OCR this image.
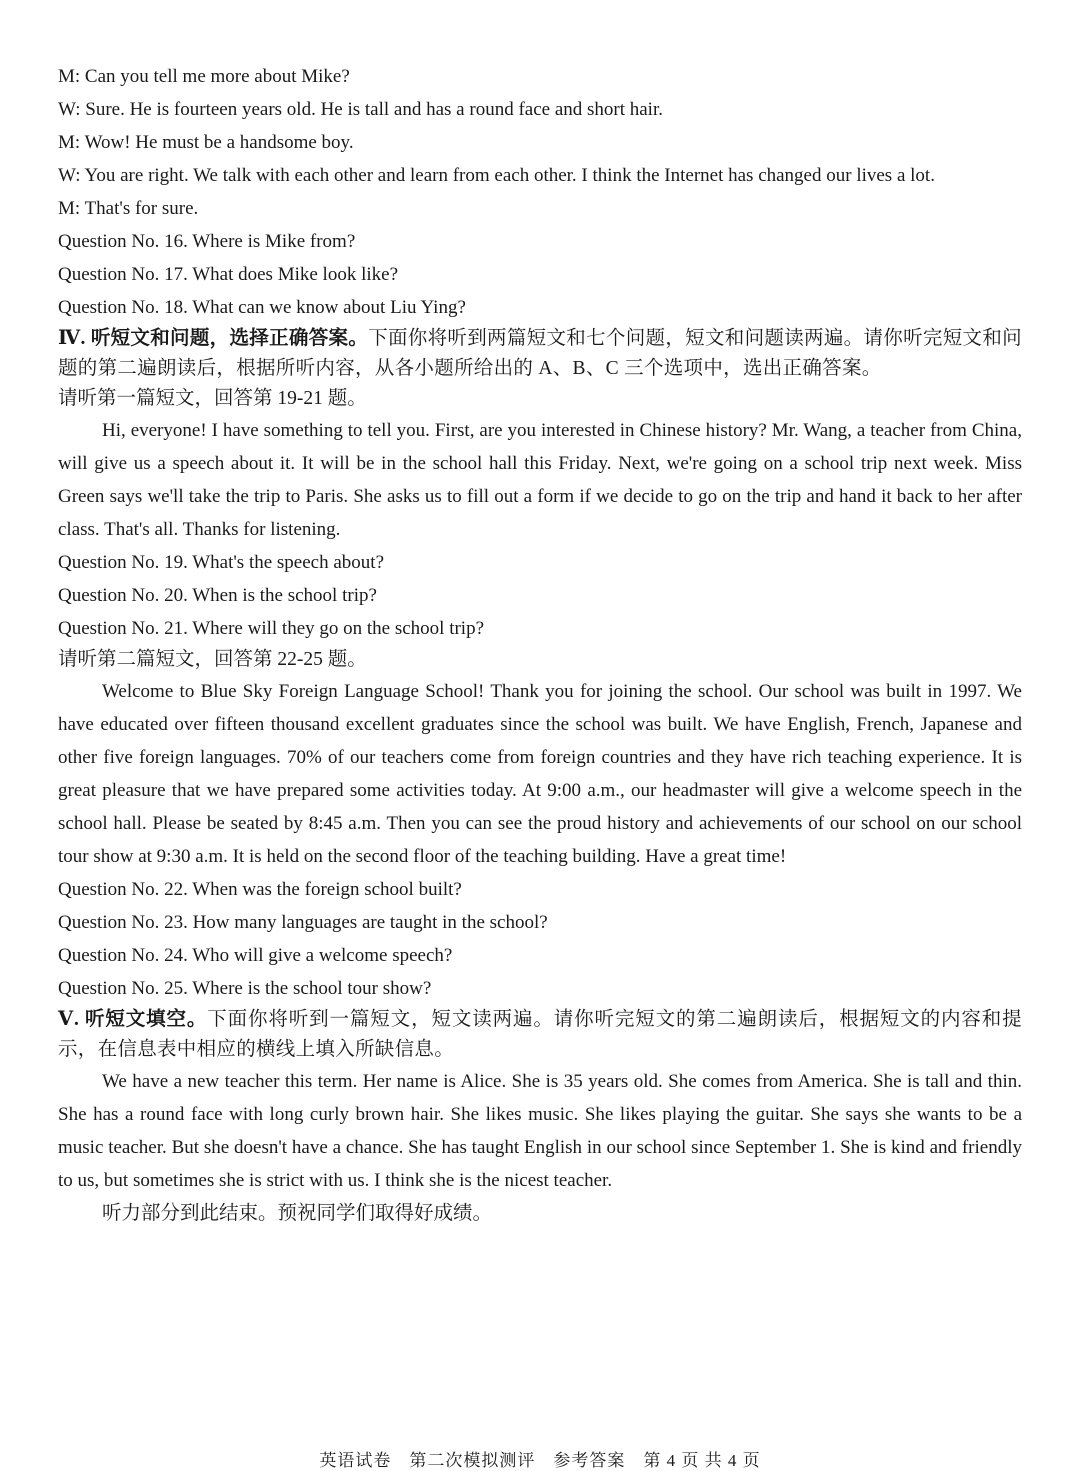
M: Can you tell me more about Mike?

W: Sure. He is fourteen years old. He is tall and has a round face and short hair.

M: Wow! He must be a handsome boy.

W: You are right. We talk with each other and learn from each other. I think the Internet has changed our lives a lot.

M: That's for sure.

Question No. 16. Where is Mike from?

Question No. 17. What does Mike look like?

Question No. 18. What can we know about Liu Ying?

Ⅳ. 听短文和问题，选择正确答案。下面你将听到两篇短文和七个问题，短文和问题读两遍。请你听完短文和问题的第二遍朗读后，根据所听内容，从各小题所给出的 A、B、C 三个选项中，选出正确答案。

请听第一篇短文，回答第 19-21 题。

Hi, everyone! I have something to tell you. First, are you interested in Chinese history? Mr. Wang, a teacher from China, will give us a speech about it. It will be in the school hall this Friday. Next, we're going on a school trip next week. Miss Green says we'll take the trip to Paris. She asks us to fill out a form if we decide to go on the trip and hand it back to her after class. That's all. Thanks for listening.

Question No. 19. What's the speech about?

Question No. 20. When is the school trip?

Question No. 21. Where will they go on the school trip?

请听第二篇短文，回答第 22-25 题。

Welcome to Blue Sky Foreign Language School! Thank you for joining the school. Our school was built in 1997. We have educated over fifteen thousand excellent graduates since the school was built. We have English, French, Japanese and other five foreign languages. 70% of our teachers come from foreign countries and they have rich teaching experience. It is great pleasure that we have prepared some activities today. At 9:00 a.m., our headmaster will give a welcome speech in the school hall. Please be seated by 8:45 a.m. Then you can see the proud history and achievements of our school on our school tour show at 9:30 a.m. It is held on the second floor of the teaching building. Have a great time!

Question No. 22. When was the foreign school built?

Question No. 23. How many languages are taught in the school?

Question No. 24. Who will give a welcome speech?

Question No. 25. Where is the school tour show?

Ⅴ. 听短文填空。下面你将听到一篇短文，短文读两遍。请你听完短文的第二遍朗读后，根据短文的内容和提示，在信息表中相应的横线上填入所缺信息。

We have a new teacher this term. Her name is Alice. She is 35 years old. She comes from America. She is tall and thin. She has a round face with long curly brown hair. She likes music. She likes playing the guitar. She says she wants to be a music teacher. But she doesn't have a chance. She has taught English in our school since September 1. She is kind and friendly to us, but sometimes she is strict with us. I think she is the nicest teacher.

听力部分到此结束。预祝同学们取得好成绩。

英语试卷　第二次模拟测评　参考答案　第 4 页 共 4 页
